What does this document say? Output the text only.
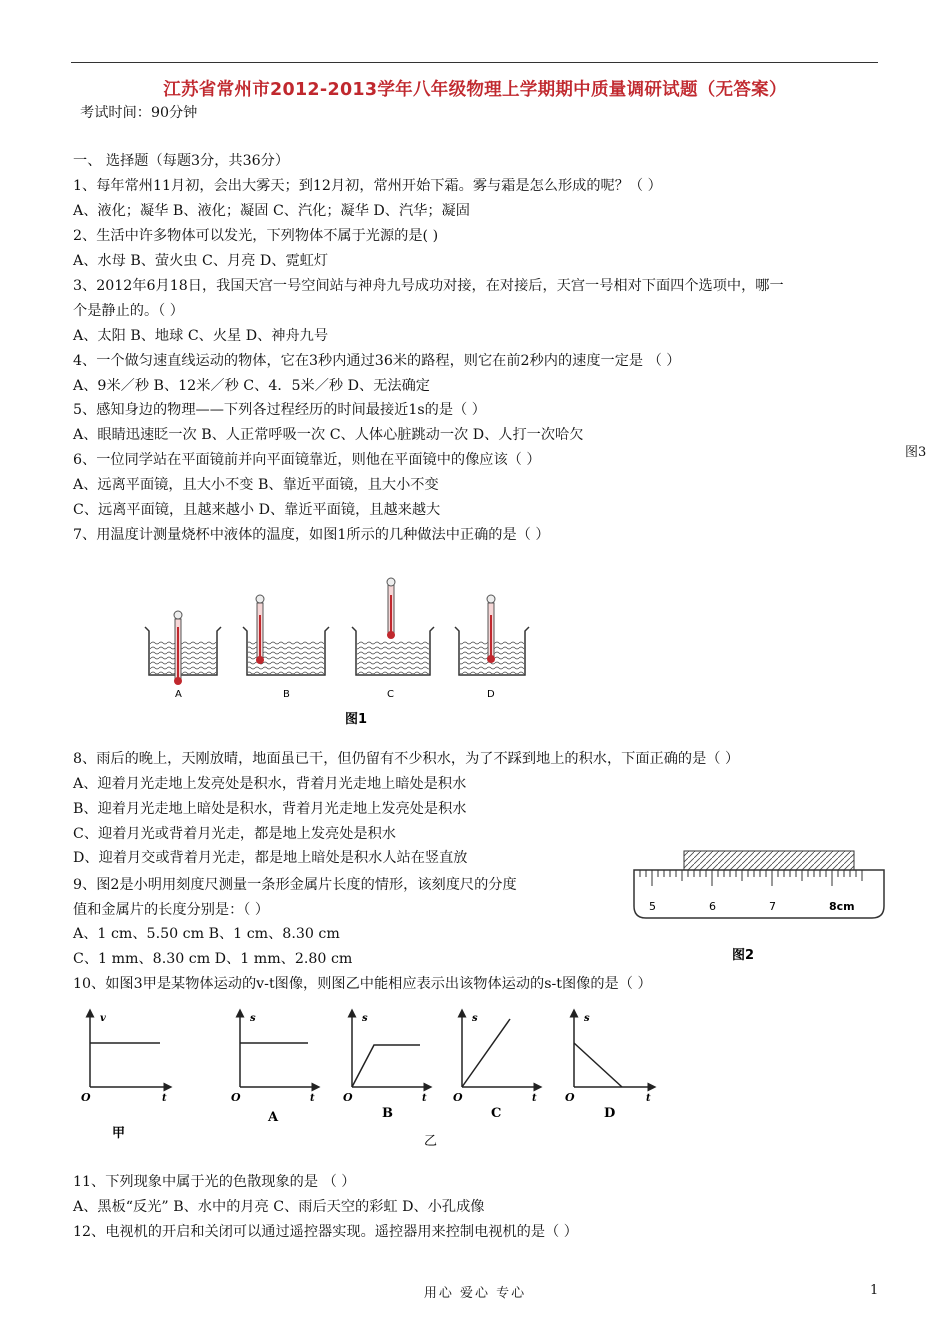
江苏省常州市2012-2013学年八年级物理上学期期中质量调研试题（无答案）
考试时间：90分钟
一、 选择题（每题3分，共36分）
1、每年常州11月初，会出大雾天；到12月初，常州开始下霜。雾与霜是怎么形成的呢？（ ）
A、液化；凝华 B、液化；凝固 C、汽化；凝华 D、汽华；凝固
2、生活中许多物体可以发光，下列物体不属于光源的是( )
A、水母 B、萤火虫 C、月亮 D、霓虹灯
3、2012年6月18日，我国天宫一号空间站与神舟九号成功对接，在对接后，天宫一号相对下面四个选项中，哪一
个是静止的。（ ）
A、太阳 B、地球 C、火星 D、神舟九号
4、一个做匀速直线运动的物体，它在3秒内通过36米的路程，则它在前2秒内的速度一定是 （ ）
A、9米／秒 B、12米／秒 C、4．5米／秒 D、无法确定
5、感知身边的物理——下列各过程经历的时间最接近1s的是（ ）
A、眼睛迅速眨一次 B、人正常呼吸一次 C、人体心脏跳动一次 D、人打一次哈欠
图3
6、一位同学站在平面镜前并向平面镜靠近，则他在平面镜中的像应该（ ）
A、远离平面镜，且大小不变 B、靠近平面镜，且大小不变
C、远离平面镜，且越来越小 D、靠近平面镜，且越来越大
7、用温度计测量烧杯中液体的温度，如图1所示的几种做法中正确的是（ ）
A	B	C	D
图1
8、雨后的晚上，天刚放晴，地面虽已干，但仍留有不少积水，为了不踩到地上的积水，下面正确的是（ ）
A、迎着月光走地上发亮处是积水，背着月光走地上暗处是积水
B、迎着月光走地上暗处是积水，背着月光走地上发亮处是积水
C、迎着月光或背着月光走，都是地上发亮处是积水
D、迎着月交或背着月光走，都是地上暗处是积水人站在竖直放
9、图2是小明用刻度尺测量一条形金属片长度的情形，该刻度尺的分度
值和金属片的长度分别是：（ ）
A、1 cm、5.50 cm B、1 cm、8.30 cm
C、1 mm、8.30 cm D、1 mm、2.80 cm
5	6	7	8cm
图2
10、如图3甲是某物体运动的v-t图像，则图乙中能相应表示出该物体运动的s-t图像的是（ ）
v
t
O
甲
s
t
O
A
s
t
O
B
s
t
O
C
s
t
O
D
乙
11、下列现象中属于光的色散现象的是 （ ）
A、黑板“反光” B、水中的月亮 C、雨后天空的彩虹 D、小孔成像
12、电视机的开启和关闭可以通过遥控器实现。遥控器用来控制电视机的是（ ）
用心 爱心 专心	1
